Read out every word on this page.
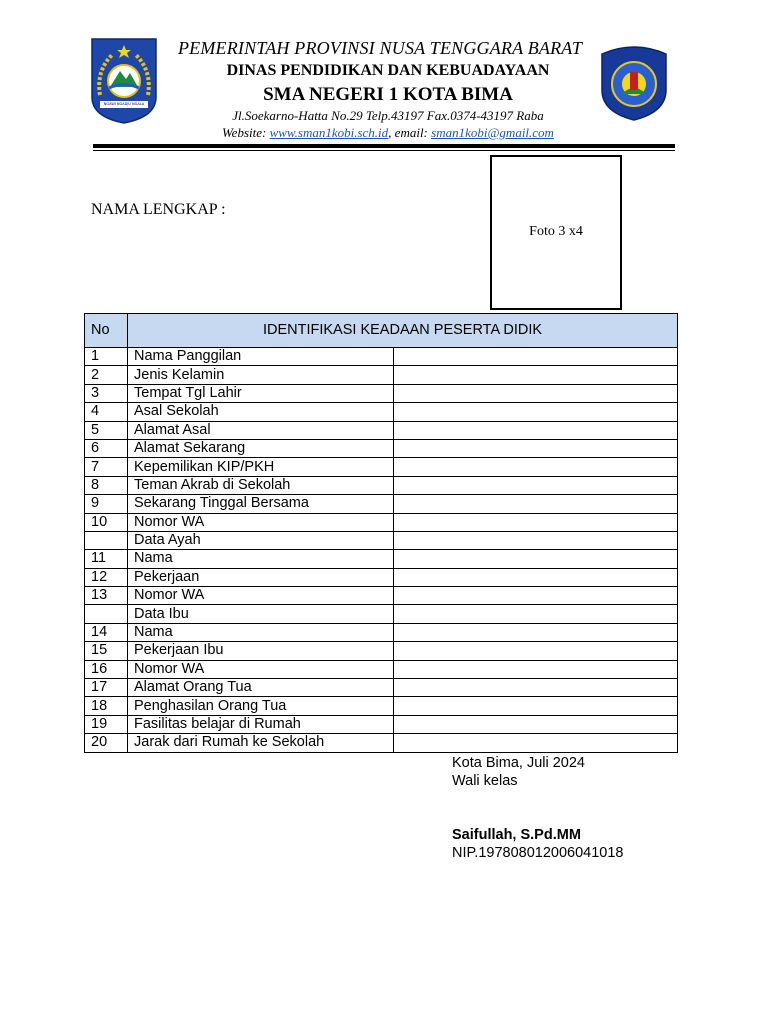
NGAWI NGADJU NGALA
PEMERINTAH PROVINSI NUSA TENGGARA BARAT
DINAS PENDIDIKAN DAN KEBUADAYAAN
SMA NEGERI 1 KOTA BIMA
Jl.Soekarno-Hatta No.29 Telp.43197 Fax.0374-43197 Raba
Website: www.sman1kobi.sch.id, email: sman1kobi@gmail.com
NAMA LENGKAP :
Foto 3 x4
No	IDENTIFIKASI KEADAAN PESERTA DIDIK	
1	Nama Panggilan	
2	Jenis Kelamin	
3	Tempat Tgl Lahir	
4	Asal Sekolah	
5	Alamat Asal	
6	Alamat Sekarang	
7	Kepemilikan KIP/PKH	
8	Teman Akrab di Sekolah	
9	Sekarang Tinggal Bersama	
10	Nomor WA	
	Data Ayah	
11	Nama	
12	Pekerjaan	
13	Nomor WA	
	Data Ibu	
14	Nama	
15	Pekerjaan Ibu	
16	Nomor WA	
17	Alamat Orang Tua	
18	Penghasilan Orang Tua	
19	Fasilitas belajar di Rumah	
20	Jarak dari Rumah ke Sekolah	
Kota Bima, Juli 2024
Wali kelas
Saifullah, S.Pd.MM
NIP.197808012006041018
